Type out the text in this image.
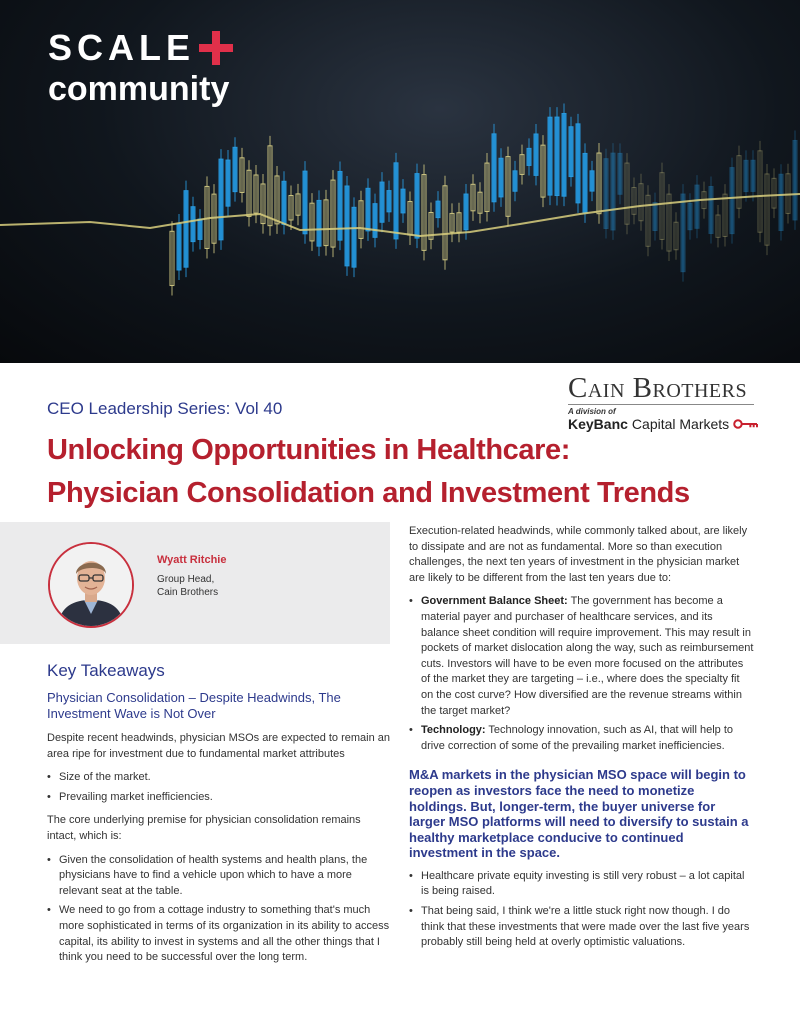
SCALE
community
Cain Brothers
A division of
KeyBanc Capital Markets
CEO Leadership Series: Vol 40
Unlocking Opportunities in Healthcare:
Physician Consolidation and Investment Trends
Wyatt Ritchie
Group Head,
Cain Brothers
Key Takeaways
Physician Consolidation – Despite Headwinds, The Investment Wave is Not Over

Despite recent headwinds, physician MSOs are expected to remain an area ripe for investment due to fundamental market attributes

• Size of the market.
• Prevailing market inefficiencies.

The core underlying premise for physician consolidation remains intact, which is:

• Given the consolidation of health systems and health plans, the physicians have to find a vehicle upon which to have a more relevant seat at the table.
• We need to go from a cottage industry to something that's much more sophisticated in terms of its organization in its ability to access capital, its ability to invest in systems and all the other things that I think you need to be successful over the long term.

Execution-related headwinds, while commonly talked about, are likely to dissipate and are not as fundamental. More so than execution challenges, the next ten years of investment in the physician market are likely to be different from the last ten years due to:

• Government Balance Sheet: The government has become a material payer and purchaser of healthcare services, and its balance sheet condition will require improvement. This may result in pockets of market dislocation along the way, such as reimbursement cuts. Investors will have to be even more focused on the attributes of the market they are targeting – i.e., where does the specialty fit on the cost curve? How diversified are the revenue streams within the target market?
• Technology: Technology innovation, such as AI, that will help to drive correction of some of the prevailing market inefficiencies.
M&A markets in the physician MSO space will begin to reopen as investors face the need to monetize holdings. But, longer-term, the buyer universe for larger MSO platforms will need to diversify to sustain a healthy marketplace conducive to continued investment in the space.
• Healthcare private equity investing is still very robust – a lot capital is being raised.
• That being said, I think we're a little stuck right now though. I do think that these investments that were made over the last five years probably still being held at overly optimistic valuations.
